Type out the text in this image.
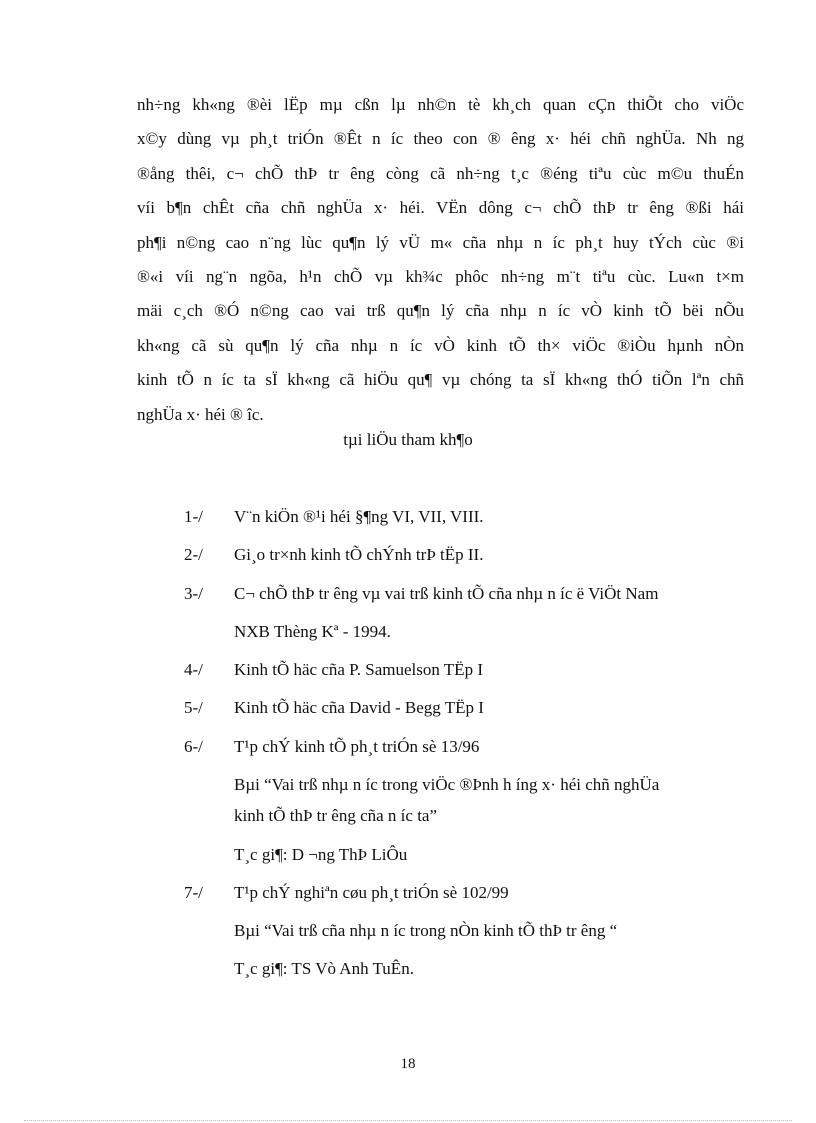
nh÷ng kh«ng ®èi lËp mµ cßn lµ nh©n tè kh¸ch quan cÇn thiÕt cho viÖc
x©y dùng vµ ph¸t triÓn ®Êt n íc theo con ® êng x· héi chñ nghÜa. Nh ng
®ång thêi, c¬ chÕ thÞ tr êng còng cã nh÷ng t¸c ®éng tiªu cùc m©u thuÉn
víi b¶n chÊt cña chñ nghÜa x· héi. VËn dông c¬ chÕ thÞ tr êng ®ßi hái
ph¶i n©ng cao n¨ng lùc qu¶n lý vÜ m« cña nhµ n íc ph¸t huy tÝch cùc ®i
®«i víi ng¨n ngõa, h¹n chÕ vµ kh¾c phôc nh÷ng m¨t tiªu cùc. Lu«n t×m
mäi c¸ch ®Ó n©ng cao vai trß qu¶n lý cña nhµ n íc vÒ kinh tÕ bëi nÕu
kh«ng cã sù qu¶n lý cña nhµ n íc vÒ kinh tÕ th× viÖc ®iÒu hµnh nÒn
kinh tÕ n íc ta sÏ kh«ng cã hiÖu qu¶ vµ chóng ta sÏ kh«ng thÓ tiÕn lªn chñ
nghÜa x· héi ® îc.

tµi liÖu tham kh¶o
1-/	V¨n kiÖn ®¹i héi §¶ng VI, VII, VIII.
2-/	Gi¸o tr×nh kinh tÕ chÝnh trÞ tËp II.
3-/	C¬ chÕ thÞ tr êng vµ vai trß kinh tÕ cña nhµ n íc ë ViÖt Nam
NXB Thèng Kª - 1994.
4-/	Kinh tÕ häc cña P. Samuelson TËp I
5-/	Kinh tÕ häc cña David - Begg TËp I
6-/	T¹p chÝ kinh tÕ ph¸t triÓn sè 13/96
Bµi “Vai trß nhµ n íc trong viÖc ®Þnh h íng x· héi chñ nghÜa
kinh tÕ thÞ tr êng cña n íc ta”
T¸c gi¶: D ¬ng ThÞ LiÔu
7-/	T¹p chÝ nghiªn cøu ph¸t triÓn sè 102/99
Bµi “Vai trß cña nhµ n íc trong nÒn kinh tÕ thÞ tr êng “
T¸c gi¶: TS Vò Anh TuÊn.
18
